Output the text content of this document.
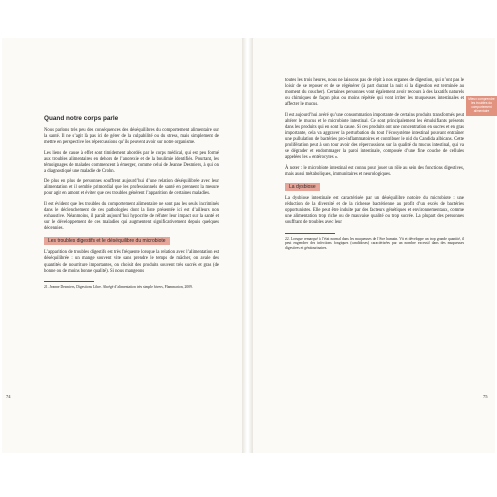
Quand notre corps parle

Nous parlons très peu des conséquences des déséquilibres du comportement alimentaire sur la santé. Il ne s’agit là pas ici de gérer de la culpabilité ou du stress, mais simplement de mettre en perspective les répercussions qu’ils peuvent avoir sur notre organisme.

Les liens de cause à effet sont timidement abordés par le corps médical, qui est peu formé aux troubles alimentaires en dehors de l’anorexie et de la boulimie identifiés. Pourtant, les témoignages de malades commencent à émerger, comme celui de Jeanne Desmiers, à qui on a diagnostiqué une maladie de Crohn.

De plus en plus de personnes souffrent aujourd’hui d’une relation déséquilibrée avec leur alimentation et il semble primordial que les professionnels de santé en prennent la mesure pour agir en amont et éviter que ces troubles génèrent l’apparition de certaines maladies.

Il est évident que les troubles du comportement alimentaire ne sont pas les seuls incriminés dans le déclenchement de ces pathologies dont la liste présentée ici est d’ailleurs non exhaustive. Néanmoins, il paraît aujourd’hui hypocrite de réfuter leur impact sur la santé et sur le développement de ces maladies qui augmentent significativement depuis quelques décennies.

Les troubles digestifs et le déséquilibre du microbiote

L’apparition de troubles digestifs est très fréquente lorsque la relation avec l’alimentation est déséquilibrée : un mange souvent vite sans prendre le temps de mâcher, on avale des quantités de nourriture importantes, on choisit des produits souvent très sucrés et gras (de bonne ou de moins bonne qualité). Si nous mangeons

21. Jeanne Desmiers, Digestions Libre. Abrégé d’alimentation très simple hivers, Flammarion, 2009.

toutes les trois heures, nous ne laissons pas de répit à nos organes de digestion, qui n’ont pas le loisir de se reposer et de se régénérer (à part durant la nuit si la digestion est terminée au moment du coucher). Certaines personnes vont également avoir recours à des laxatifs naturels ou chimiques de façon plus ou moins répétée qui vont irriter les muqueuses intestinales et affecter le mucus.

Il est aujourd’hui avéré qu’une consommation importante de certains produits transformés peut altérer le mucus et le microbiote intestinal. Ce sont principalement les émulsifiants présents dans les produits qui en sont la cause. Si ces produits ont une concentration en sucres et en gras importante, cela va aggraver la perturbation du tout l’écosystème intestinal pouvant entraîner une pullulation de bactéries pro-inflammatoires et contribuer le nid du Candida albicans. Cette prolifération peut à son tour avoir des répercussions sur la qualité du mucus intestinal, qui va se dégrader et endommager la paroi intestinale, composée d’une fine couche de cellules appelées les « entérocytes ».

À noter : le microbiote intestinal est connu pour jouer un rôle au sein des fonctions digestives, mais aussi métaboliques, immunitaires et neurologiques.

La dysbiose

La dysbiose intestinale est caractérisée par un déséquilibre notoire du microbiote : une réduction de la diversité et de la richesse bactérienne au profit d’un excès de bactéries opportunistes. Elle peut être induite par des facteurs génétiques et environnementaux, comme une alimentation trop riche ou de mauvaise qualité ou trop sucrée. La plupart des personnes souffrant de troubles avec leur

22. Lorsque remarqué à l’état normal dans les muqueuses de l’être humain. Vit et développe un trop grande quantité, il peut engendrer des infections fongiques (candidoses) caractérisées par un nombre excessif dans des muqueuses digestives et génitourinaires.
Mieux comprendre les troubles du comportement alimentaire
74	75
